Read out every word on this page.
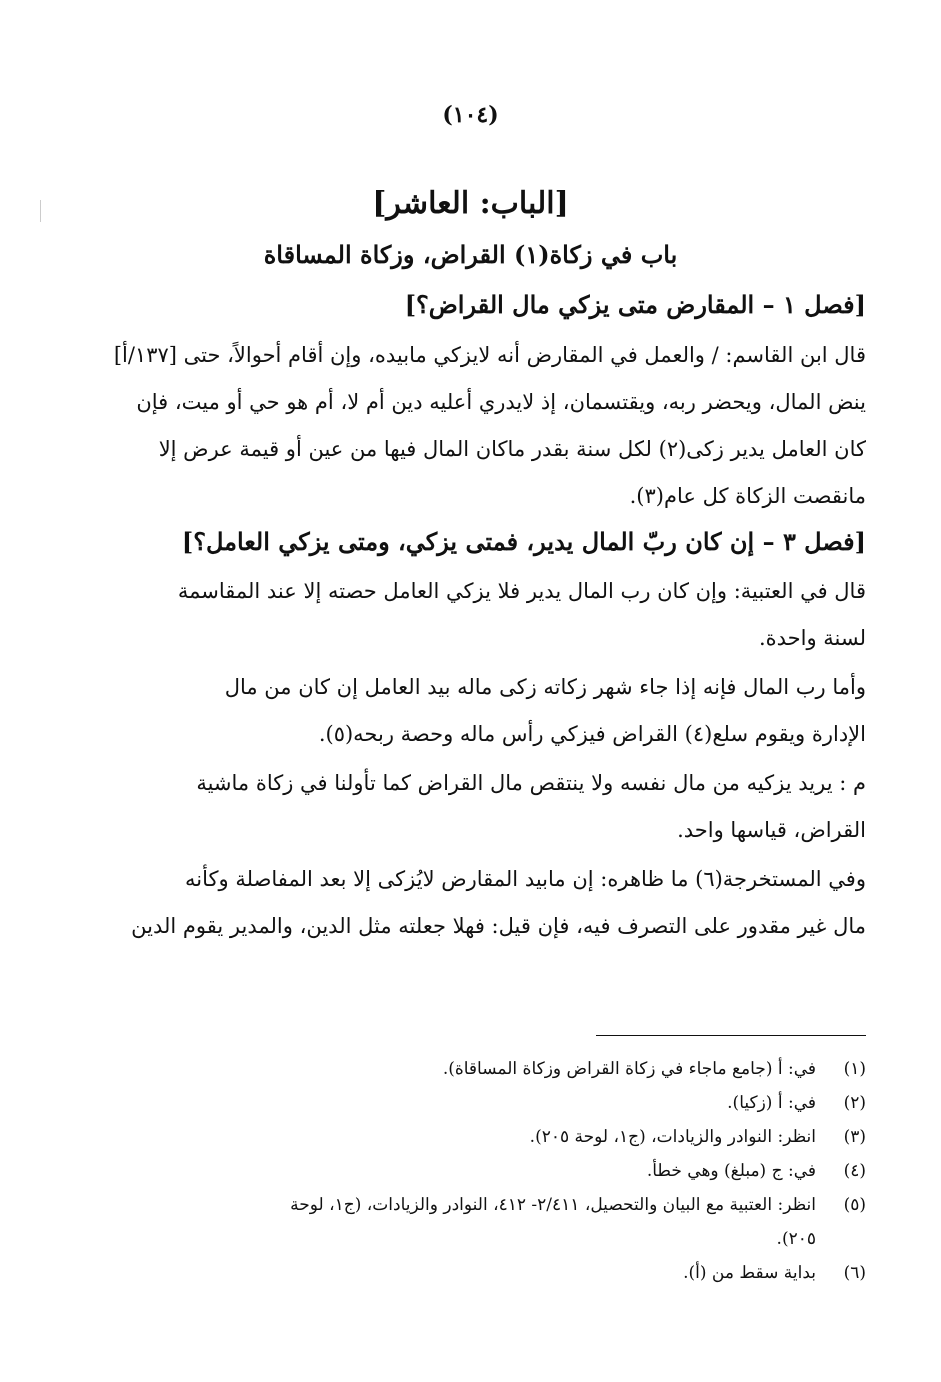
(١٠٤)
[الباب: العاشر]
باب في زكاة(١) القراض، وزكاة المساقاة
[فصل ١ – المقارض متى يزكي مال القراض؟]
قال ابن القاسم: / والعمل في المقارض أنه لايزكي مابيده، وإن أقام أحوالاً، حتى [١٣٧/أ]
ينض المال، ويحضر ربه، ويقتسمان، إذ لايدري أعليه دين أم لا، أم هو حي أو ميت، فإن
كان العامل يدير زكى(٢) لكل سنة بقدر ماكان المال فيها من عين أو قيمة عرض إلا
مانقصت الزكاة كل عام(٣).
[فصل ٣ – إن كان ربّ المال يدير، فمتى يزكي، ومتى يزكي العامل؟]
قال في العتبية: وإن كان رب المال يدير فلا يزكي العامل حصته إلا عند المقاسمة
لسنة واحدة.
وأما رب المال فإنه إذا جاء شهر زكاته زكى ماله بيد العامل إن كان من مال
الإدارة ويقوم سلع(٤) القراض فيزكي رأس ماله وحصة ربحه(٥).
م : يريد يزكيه من مال نفسه ولا ينتقص مال القراض كما تأولنا في زكاة ماشية
القراض، قياسها واحد.
وفي المستخرجة(٦) ما ظاهره: إن مابيد المقارض لايُزكى إلا بعد المفاصلة وكأنه
مال غير مقدور على التصرف فيه، فإن قيل: فهلا جعلته مثل الدين، والمدير يقوم الدين
(١)
في: أ (جامع ماجاء في زكاة القراض وزكاة المساقاة).
(٢)
في: أ (زكيا).
(٣)
انظر: النوادر والزيادات، (ج١، لوحة ٢٠٥).
(٤)
في: ج (مبلغ) وهي خطأ.
(٥)
انظر: العتبية مع البيان والتحصيل، ٢/٤١١- ٤١٢، النوادر والزيادات، (ج١، لوحة
٢٠٥).
(٦)
بداية سقط من (أ).
